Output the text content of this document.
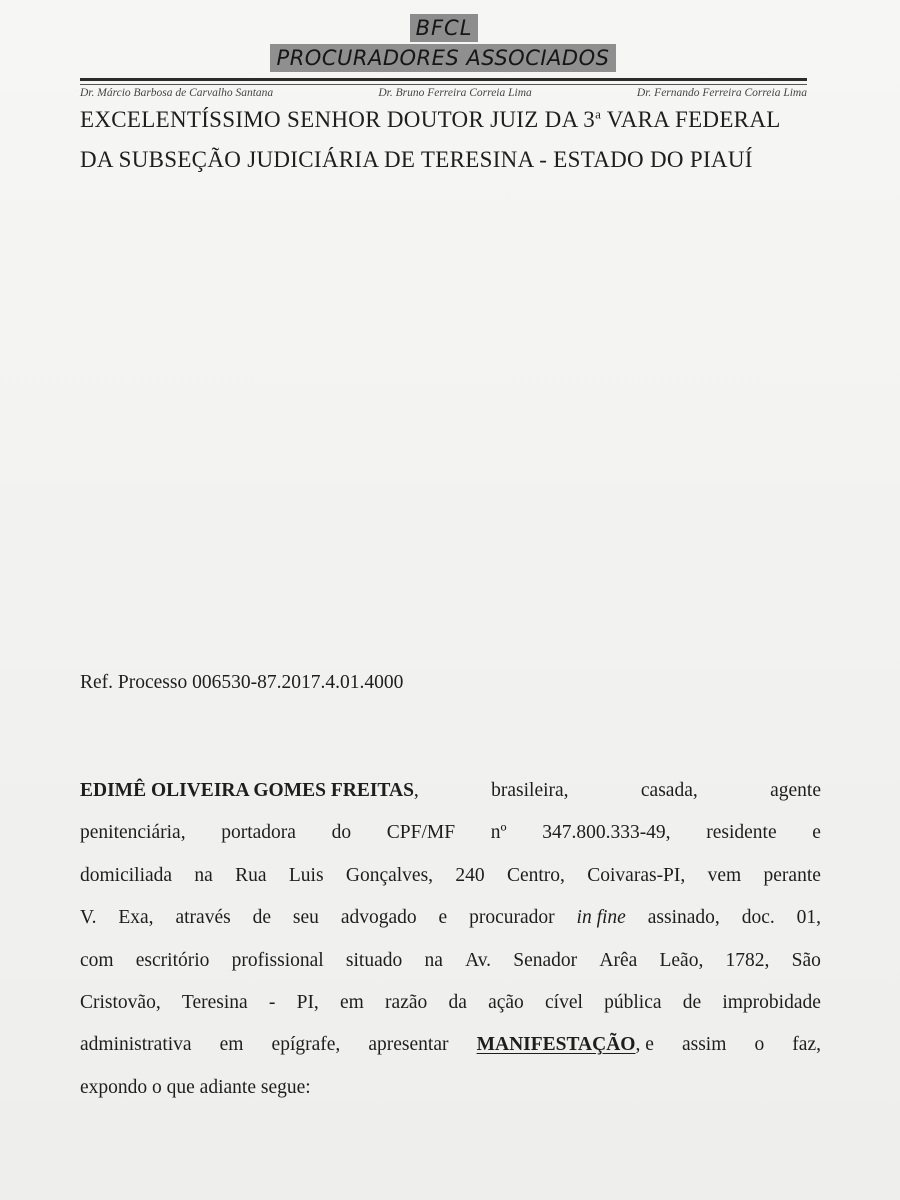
BFCL
PROCURADORES ASSOCIADOS
Dr. Márcio Barbosa de Carvalho Santana	Dr. Bruno Ferreira Correia Lima	Dr. Fernando Ferreira Correia Lima
EXCELENTÍSSIMO SENHOR DOUTOR JUIZ DA 3$^a$ VARA FEDERAL
DA SUBSEÇÃO JUDICIÁRIA DE TERESINA - ESTADO DO PIAUÍ
Ref. Processo 006530-87.2017.4.01.4000
EDIMÊ OLIVEIRA GOMES FREITAS,	brasileira,	casada,	agente
penitenciária, portadora do CPF/MF nº 347.800.333-49, residente e
domiciliada na Rua Luis Gonçalves, 240 Centro, Coivaras-PI, vem perante
V. Exa, através de seu advogado e procurador in fine assinado, doc. 01,
com escritório profissional situado na Av. Senador Arêa Leão, 1782, São
Cristovão, Teresina - PI, em razão da ação cível pública de improbidade
administrativa em epígrafe, apresentar MANIFESTAÇÃO, e assim o faz,
expondo o que adiante segue:
